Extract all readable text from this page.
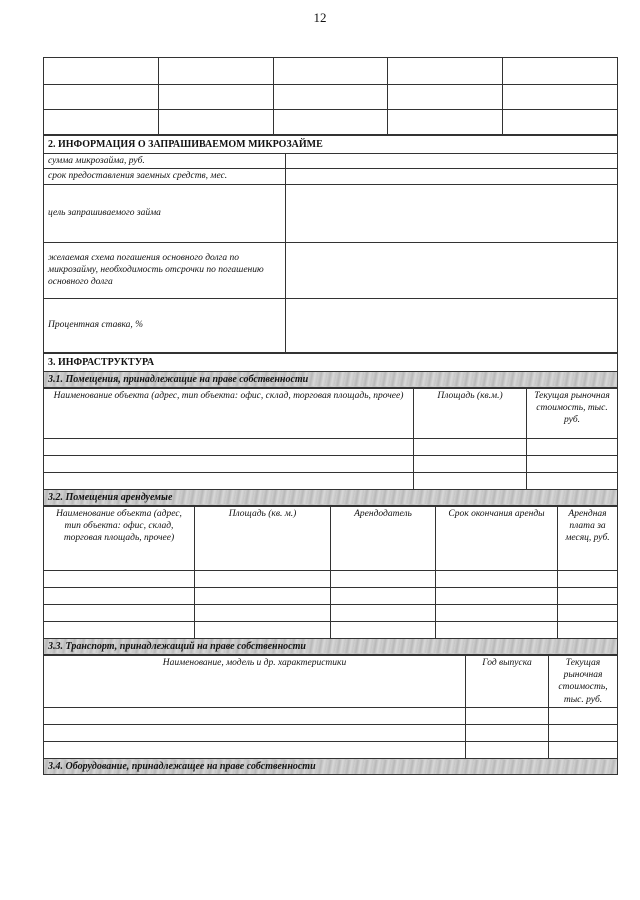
12

2. ИНФОРМАЦИЯ О ЗАПРАШИВАЕМОМ МИКРОЗАЙМЕ	
сумма микрозайма, руб.	
срок предоставления заемных средств, мес.	
цель запрашиваемого займа	
желаемая схема погашения основного долга по микрозайму, необходимость отсрочки по погашению основного долга	
Процентная ставка, %	
3. ИНФРАСТРУКТУРА
3.1. Помещения, принадлежащие на праве собственности
Наименование объекта (адрес, тип объекта: офис, склад, торговая площадь, прочее)	Площадь (кв.м.)	Текущая рыночная стоимость, тыс. руб.

3.2. Помещения арендуемые		
Наименование объекта (адрес, тип объекта: офис, склад, торговая площадь, прочее)	Площадь (кв. м.)	Арендодатель	Срок окончания аренды	Арендная плата за месяц, руб.

3.3. Транспорт, принадлежащий на праве собственности				
Наименование, модель и др. характеристики	Год выпуска	Текущая рыночная стоимость, тыс. руб.

3.4. Оборудование, принадлежащее на праве собственности		
